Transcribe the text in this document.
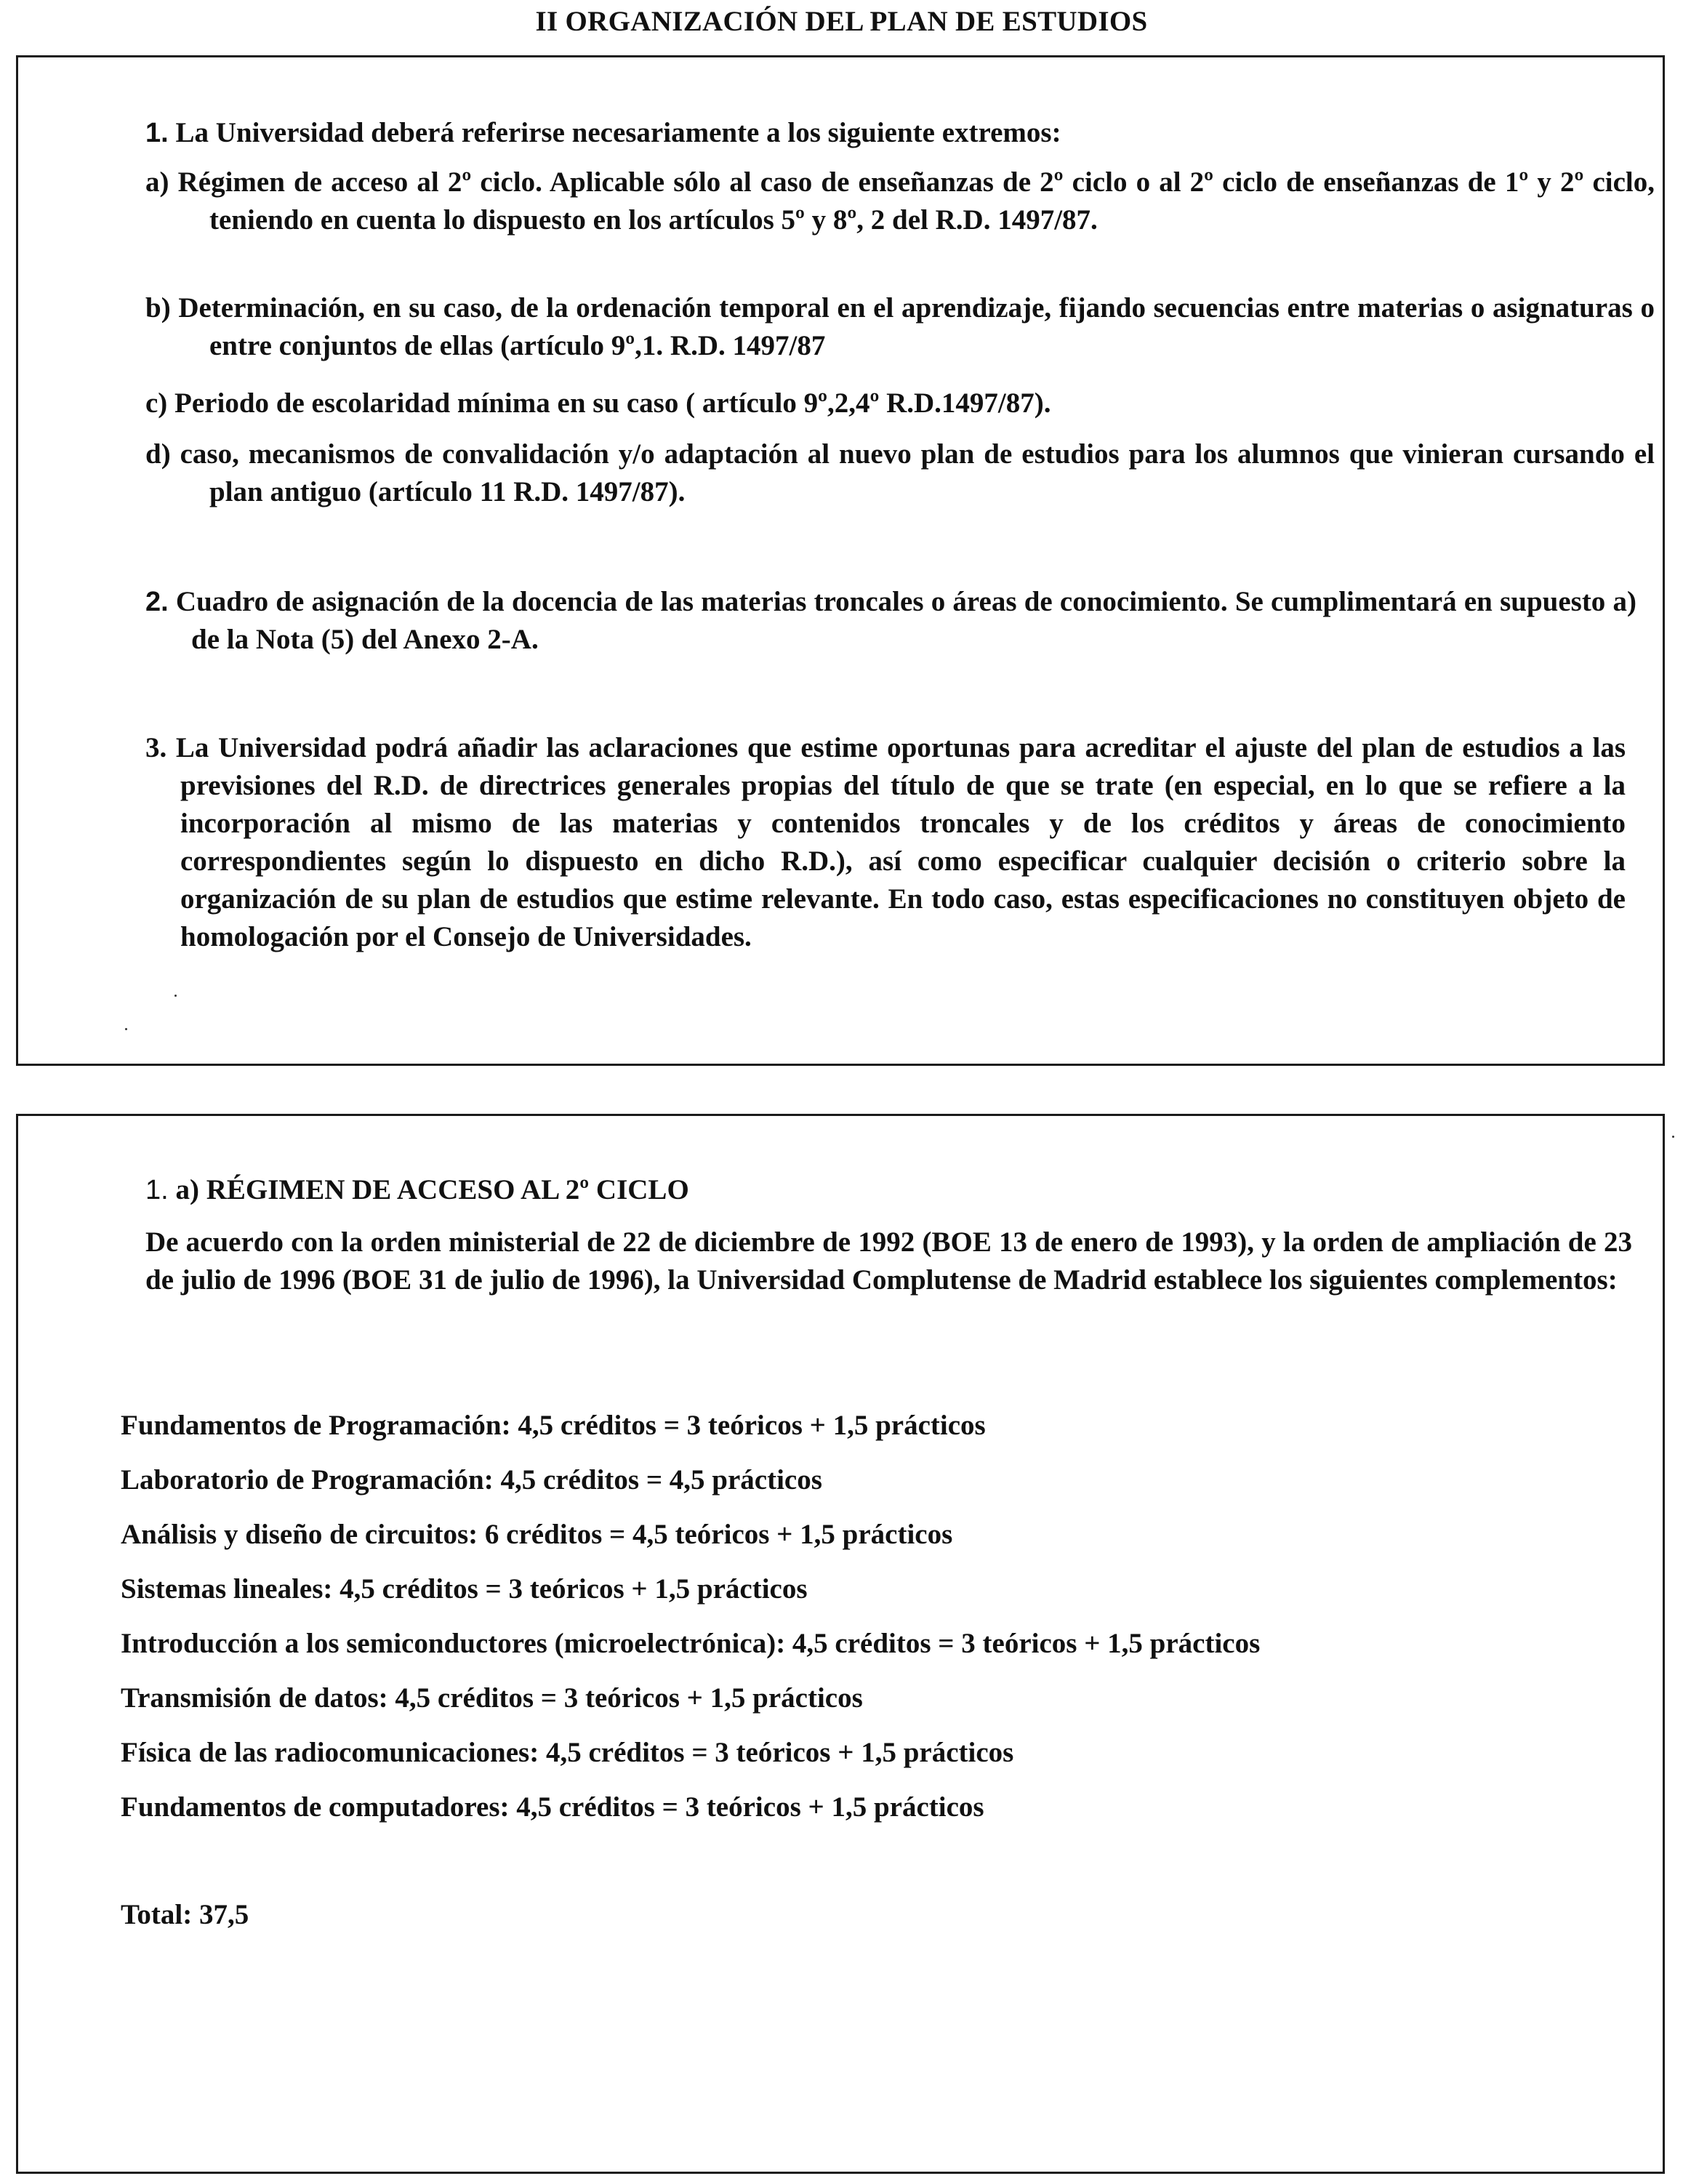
II ORGANIZACIÓN DEL PLAN DE ESTUDIOS

1. La Universidad deberá referirse necesariamente a los siguiente extremos:

a) Régimen de acceso al 2º ciclo. Aplicable sólo al caso de enseñanzas de 2º ciclo o al 2º ciclo de enseñanzas de 1º y 2º ciclo, teniendo en cuenta lo dispuesto en los artículos 5º y 8º, 2 del R.D. 1497/87.

b) Determinación, en su caso, de la ordenación temporal en el aprendizaje, fijando secuencias entre materias o asignaturas o entre conjuntos de ellas (artículo 9º,1. R.D. 1497/87

c) Periodo de escolaridad mínima en su caso ( artículo 9º,2,4º R.D.1497/87).

d) caso, mecanismos de convalidación y/o adaptación al nuevo plan de estudios para los alumnos que vinieran cursando el plan antiguo (artículo 11 R.D. 1497/87).

2. Cuadro de asignación de la docencia de las materias troncales o áreas de conocimiento. Se cumplimentará en supuesto a) de la Nota (5) del Anexo 2-A.

3. La Universidad podrá añadir las aclaraciones que estime oportunas para acreditar el ajuste del plan de estudios a las previsiones del R.D. de directrices generales propias del título de que se trate (en especial, en lo que se refiere a la incorporación al mismo de las materias y contenidos troncales y de los créditos y áreas de conocimiento correspondientes según lo dispuesto en dicho R.D.), así como especificar cualquier decisión o criterio sobre la organización de su plan de estudios que estime relevante. En todo caso, estas especificaciones no constituyen objeto de homologación por el Consejo de Universidades.

1. a) RÉGIMEN DE ACCESO AL 2º CICLO

De acuerdo con la orden ministerial de 22 de diciembre de 1992 (BOE 13 de enero de 1993), y la orden de ampliación de 23 de julio de 1996 (BOE 31 de julio de 1996), la Universidad Complutense de Madrid establece los siguientes complementos:

Fundamentos de Programación: 4,5 créditos = 3 teóricos + 1,5 prácticos

Laboratorio de Programación: 4,5 créditos = 4,5 prácticos

Análisis y diseño de circuitos: 6 créditos = 4,5 teóricos + 1,5 prácticos

Sistemas lineales: 4,5 créditos = 3 teóricos + 1,5 prácticos

Introducción a los semiconductores (microelectrónica): 4,5 créditos = 3 teóricos + 1,5 prácticos

Transmisión de datos: 4,5 créditos = 3 teóricos + 1,5 prácticos

Física de las radiocomunicaciones: 4,5 créditos = 3 teóricos + 1,5 prácticos

Fundamentos de computadores: 4,5 créditos = 3 teóricos + 1,5 prácticos

Total: 37,5
